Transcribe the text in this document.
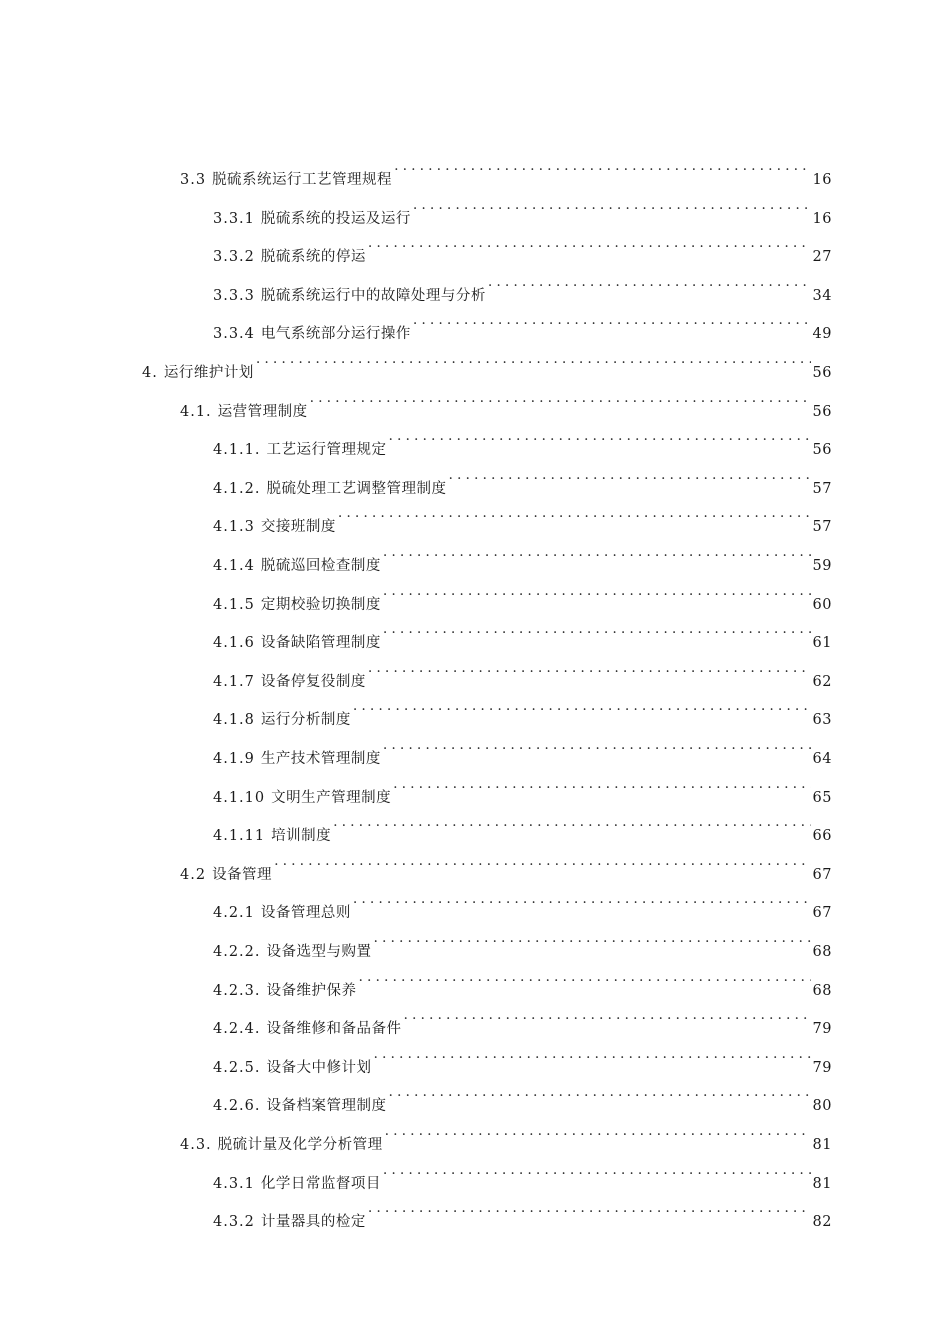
3.3 脱硫系统运行工艺管理规程 . . .	16
3.3.1 脱硫系统的投运及运行 . . .	16
3.3.2 脱硫系统的停运 . . .	27
3.3.3 脱硫系统运行中的故障处理与分析 . . .	34
3.3.4 电气系统部分运行操作 . . .	49
4. 运行维护计划 . . .	56
4.1. 运营管理制度 . . .	56
4.1.1. 工艺运行管理规定 . . .	56
4.1.2. 脱硫处理工艺调整管理制度 . . .	57
4.1.3 交接班制度 . . .	57
4.1.4 脱硫巡回检查制度 . . .	59
4.1.5 定期校验切换制度 . . .	60
4.1.6 设备缺陷管理制度 . . .	61
4.1.7 设备停复役制度 . . .	62
4.1.8 运行分析制度 . . .	63
4.1.9 生产技术管理制度 . . .	64
4.1.10 文明生产管理制度 . . .	65
4.1.11 培训制度 . . .	66
4.2 设备管理 . . .	67
4.2.1 设备管理总则 . . .	67
4.2.2. 设备选型与购置 . . .	68
4.2.3. 设备维护保养 . . .	68
4.2.4. 设备维修和备品备件 . . .	79
4.2.5. 设备大中修计划 . . .	79
4.2.6. 设备档案管理制度 . . .	80
4.3. 脱硫计量及化学分析管理 . . .	81
4.3.1 化学日常监督项目 . . .	81
4.3.2 计量器具的检定 . . .	82
